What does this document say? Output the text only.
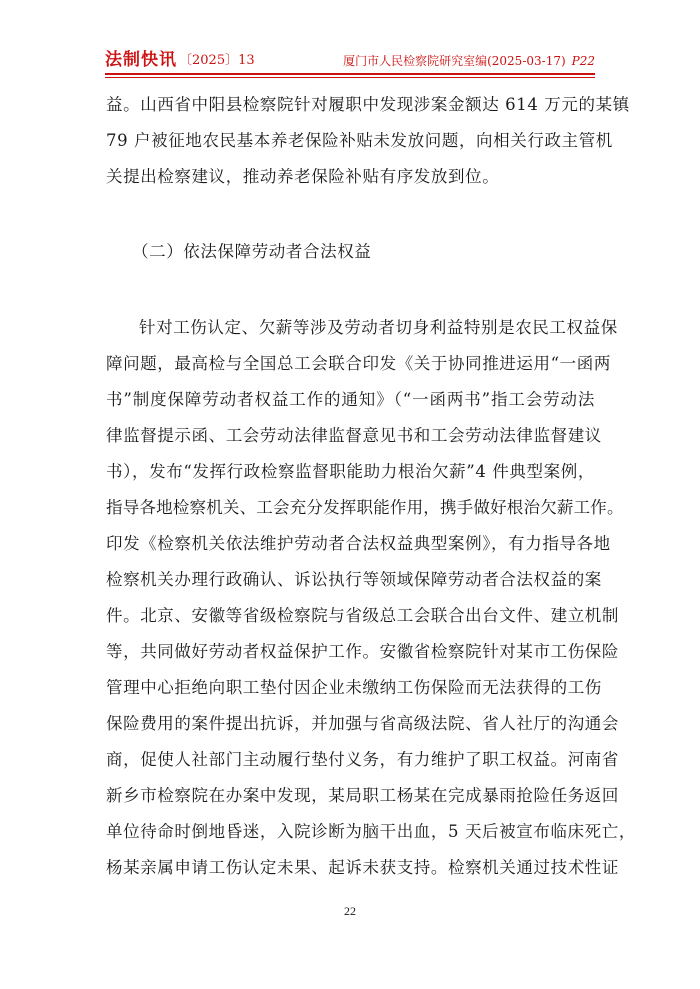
法制快讯 〔2025〕13	厦门市人民检察院研究室编(2025-03-17) P22
益。山西省中阳县检察院针对履职中发现涉案金额达 614 万元的某镇
79 户被征地农民基本养老保险补贴未发放问题，向相关行政主管机
关提出检察建议，推动养老保险补贴有序发放到位。
（二）依法保障劳动者合法权益
针对工伤认定、欠薪等涉及劳动者切身利益特别是农民工权益保
障问题，最高检与全国总工会联合印发《关于协同推进运用“一函两
书”制度保障劳动者权益工作的通知》（“一函两书”指工会劳动法
律监督提示函、工会劳动法律监督意见书和工会劳动法律监督建议
书），发布“发挥行政检察监督职能助力根治欠薪”4 件典型案例，
指导各地检察机关、工会充分发挥职能作用，携手做好根治欠薪工作。
印发《检察机关依法维护劳动者合法权益典型案例》，有力指导各地
检察机关办理行政确认、诉讼执行等领域保障劳动者合法权益的案
件。北京、安徽等省级检察院与省级总工会联合出台文件、建立机制
等，共同做好劳动者权益保护工作。安徽省检察院针对某市工伤保险
管理中心拒绝向职工垫付因企业未缴纳工伤保险而无法获得的工伤
保险费用的案件提出抗诉，并加强与省高级法院、省人社厅的沟通会
商，促使人社部门主动履行垫付义务，有力维护了职工权益。河南省
新乡市检察院在办案中发现，某局职工杨某在完成暴雨抢险任务返回
单位待命时倒地昏迷，入院诊断为脑干出血，5 天后被宣布临床死亡，
杨某亲属申请工伤认定未果、起诉未获支持。检察机关通过技术性证
22
